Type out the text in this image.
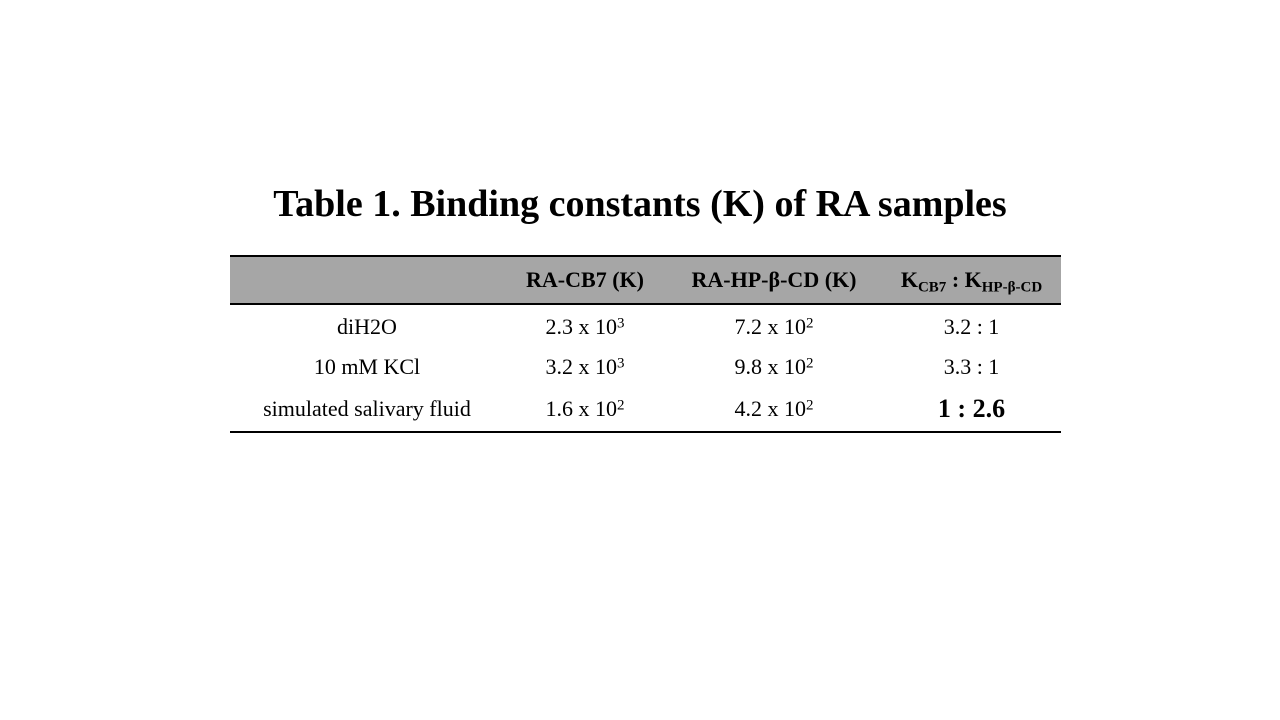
Table 1. Binding constants (K) of RA samples
	RA-CB7 (K)	RA-HP-β-CD (K)	$K_{CB7}$ : $K_{HP-\beta-CD}$
diH2O	2.3 x $10^3$	7.2 x $10^2$	3.2 : 1
10 mM KCl	3.2 x $10^3$	9.8 x $10^2$	3.3 : 1
simulated salivary fluid	1.6 x $10^2$	4.2 x $10^2$	1 : 2.6
